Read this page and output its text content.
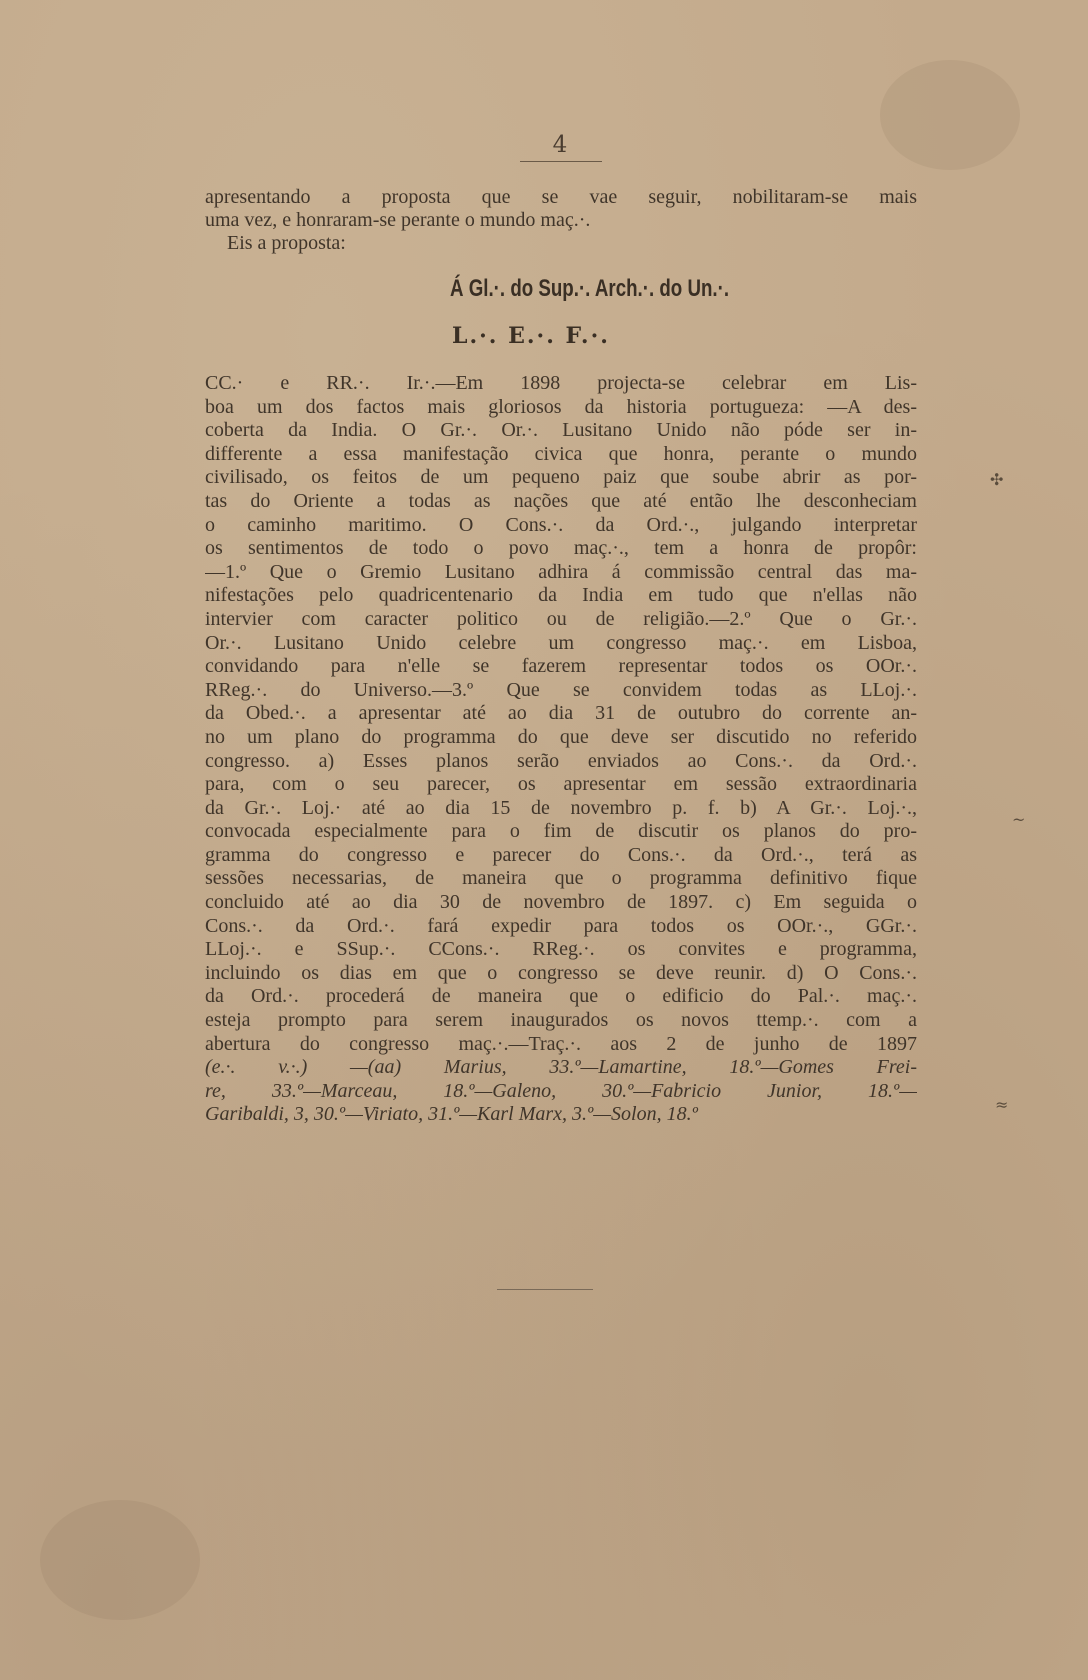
4
apresentando a proposta que se vae seguir, nobilitaram-se mais
uma vez, e honraram-se perante o mundo maç.·.
Eis a proposta:
Á Gl.·. do Sup.·. Arch.·. do Un.·.
L.·. E.·. F.·.
CC.· e RR.·. Ir.·.—Em 1898 projecta-se celebrar em Lis-
boa um dos factos mais gloriosos da historia portugueza: —A des-
coberta da India. O Gr.·. Or.·. Lusitano Unido não póde ser in-
differente a essa manifestação civica que honra, perante o mundo
civilisado, os feitos de um pequeno paiz que soube abrir as por-
tas do Oriente a todas as nações que até então lhe desconheciam
o caminho maritimo. O Cons.·. da Ord.·., julgando interpretar
os sentimentos de todo o povo maç.·., tem a honra de propôr:
—1.º Que o Gremio Lusitano adhira á commissão central das ma-
nifestações pelo quadricentenario da India em tudo que n'ellas não
intervier com caracter politico ou de religião.—2.º Que o Gr.·.
Or.·. Lusitano Unido celebre um congresso maç.·. em Lisboa,
convidando para n'elle se fazerem representar todos os OOr.·.
RReg.·. do Universo.—3.º Que se convidem todas as LLoj.·.
da Obed.·. a apresentar até ao dia 31 de outubro do corrente an-
no um plano do programma do que deve ser discutido no referido
congresso. a) Esses planos serão enviados ao Cons.·. da Ord.·.
para, com o seu parecer, os apresentar em sessão extraordinaria
da Gr.·. Loj.· até ao dia 15 de novembro p. f. b) A Gr.·. Loj.·.,
convocada especialmente para o fim de discutir os planos do pro-
gramma do congresso e parecer do Cons.·. da Ord.·., terá as
sessões necessarias, de maneira que o programma definitivo fique
concluido até ao dia 30 de novembro de 1897. c) Em seguida o
Cons.·. da Ord.·. fará expedir para todos os OOr.·., GGr.·.
LLoj.·. e SSup.·. CCons.·. RReg.·. os convites e programma,
incluindo os dias em que o congresso se deve reunir. d) O Cons.·.
da Ord.·. procederá de maneira que o edificio do Pal.·. maç.·.
esteja prompto para serem inaugurados os novos ttemp.·. com a
abertura do congresso maç.·.—Traç.·. aos 2 de junho de 1897
(e.·. v.·.) —(aa) Marius, 33.º—Lamartine, 18.º—Gomes Frei-
re, 33.º—Marceau, 18.º—Galeno, 30.º—Fabricio Junior, 18.º—
Garibaldi, 3, 30.º—Viriato, 31.º—Karl Marx, 3.º—Solon, 18.º
✣
~
≈
